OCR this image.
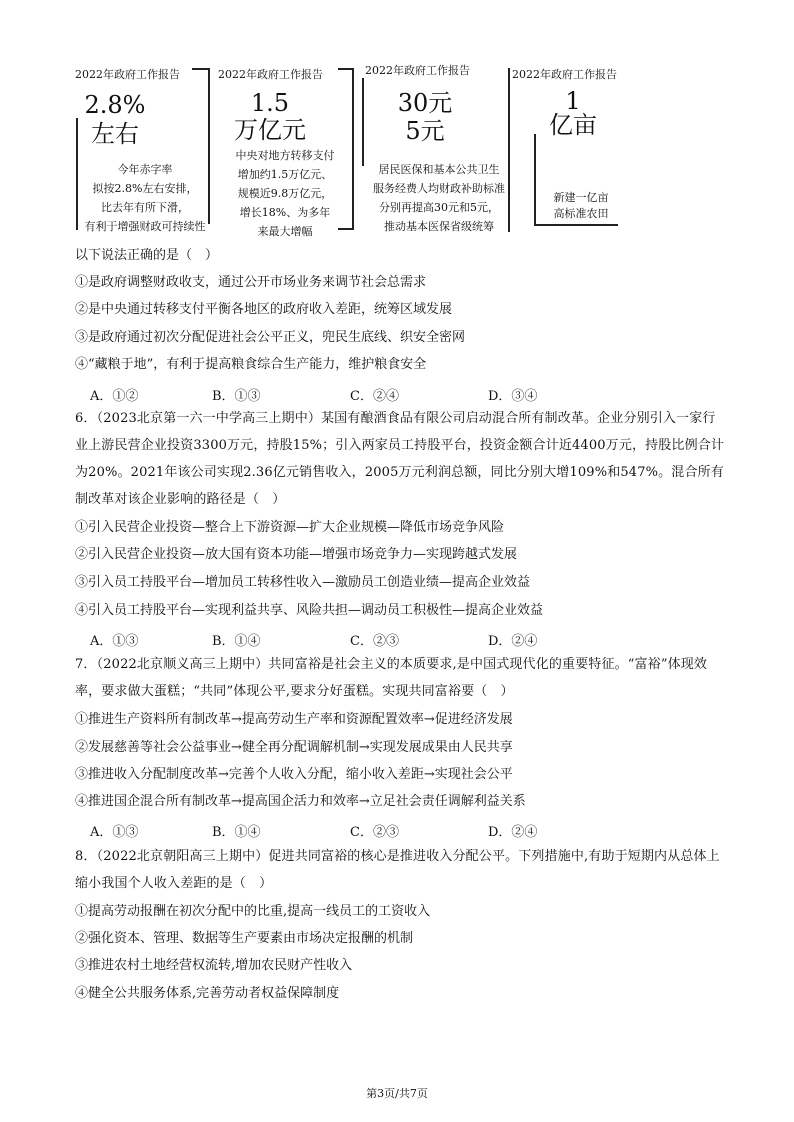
2022年政府工作报告
2.8%
左右
今年赤字率
拟按2.8%左右安排，
比去年有所下滑，
有利于增强财政可持续性
2022年政府工作报告
1.5
万亿元
中央对地方转移支付
增加约1.5万亿元、
规模近9.8万亿元，
增长18%、为多年
来最大增幅
2022年政府工作报告
30元
5元
居民医保和基本公共卫生
服务经费人均财政补助标准
分别再提高30元和5元，
推动基本医保省级统筹
2022年政府工作报告
1
亿亩
新建一亿亩
高标准农田
以下说法正确的是（　）
①是政府调整财政收支，通过公开市场业务来调节社会总需求
②是中央通过转移支付平衡各地区的政府收入差距，统筹区域发展
③是政府通过初次分配促进社会公平正义，兜民生底线、织安全密网
④“藏粮于地”，有利于提高粮食综合生产能力，维护粮食安全
A．①②	B．①③	C．②④	D．③④
6．（2023北京第一六一中学高三上期中）某国有酿酒食品有限公司启动混合所有制改革。企业分别引入一家行业上游民营企业投资3300万元，持股15%；引入两家员工持股平台，投资金额合计近4400万元，持股比例合计为20%。2021年该公司实现2.36亿元销售收入，2005万元利润总额，同比分别大增109%和547%。混合所有制改革对该企业影响的路径是（　）
①引入民营企业投资—整合上下游资源—扩大企业规模—降低市场竞争风险
②引入民营企业投资—放大国有资本功能—增强市场竞争力—实现跨越式发展
③引入员工持股平台—增加员工转移性收入—激励员工创造业绩—提高企业效益
④引入员工持股平台—实现利益共享、风险共担—调动员工积极性—提高企业效益
A．①③	B．①④	C．②③	D．②④
7．（2022北京顺义高三上期中）共同富裕是社会主义的本质要求,是中国式现代化的重要特征。“富裕”体现效率，要求做大蛋糕；“共同”体现公平,要求分好蛋糕。实现共同富裕要（　）
①推进生产资料所有制改革→提高劳动生产率和资源配置效率→促进经济发展
②发展慈善等社会公益事业→健全再分配调解机制→实现发展成果由人民共享
③推进收入分配制度改革→完善个人收入分配，缩小收入差距→实现社会公平
④推进国企混合所有制改革→提高国企活力和效率→立足社会责任调解利益关系
A．①③	B．①④	C．②③	D．②④
8．（2022北京朝阳高三上期中）促进共同富裕的核心是推进收入分配公平。下列措施中,有助于短期内从总体上缩小我国个人收入差距的是（　）
①提高劳动报酬在初次分配中的比重,提高一线员工的工资收入
②强化资本、管理、数据等生产要素由市场决定报酬的机制
③推进农村土地经营权流转,增加农民财产性收入
④健全公共服务体系,完善劳动者权益保障制度
第3页/共7页
